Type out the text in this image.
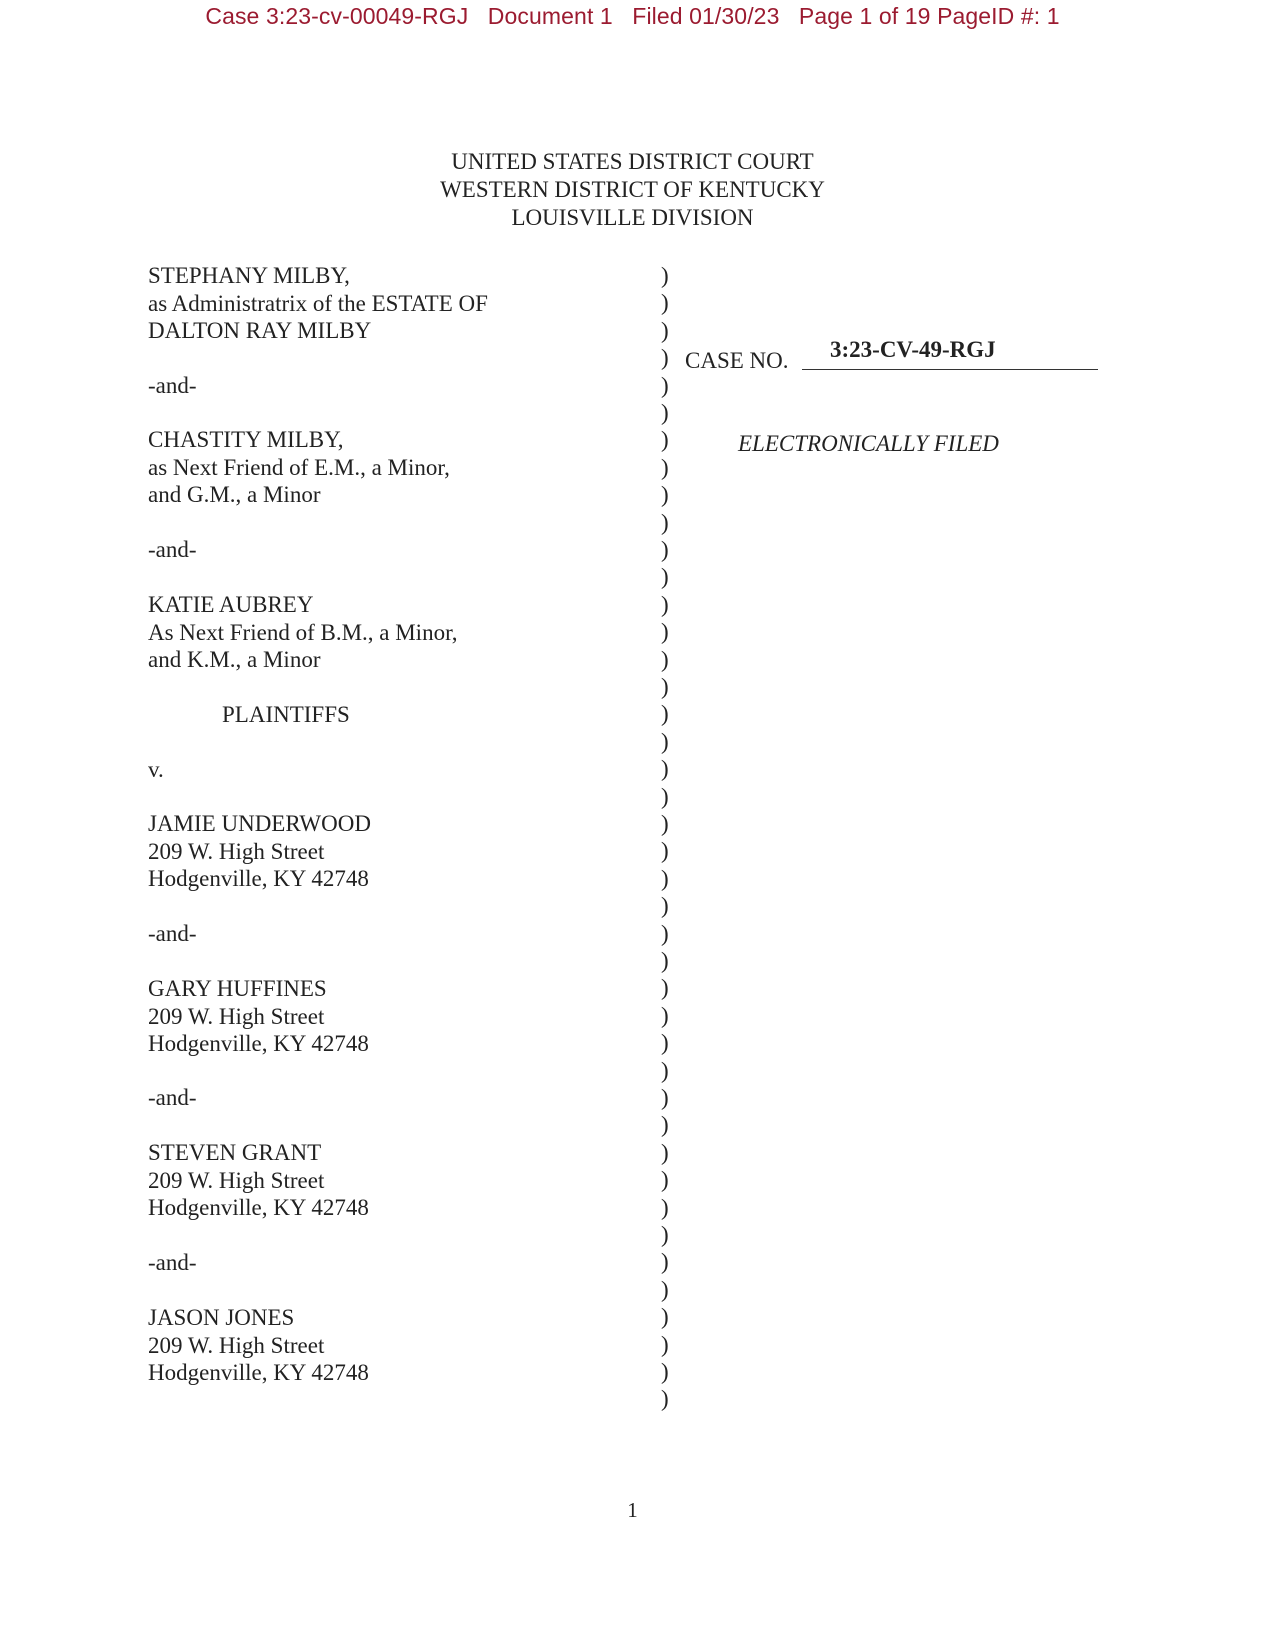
Case 3:23-cv-00049-RGJ   Document 1   Filed 01/30/23   Page 1 of 19 PageID #: 1
UNITED STATES DISTRICT COURT
WESTERN DISTRICT OF KENTUCKY
LOUISVILLE DIVISION
STEPHANY MILBY,
as Administratrix of the ESTATE OF
DALTON RAY MILBY
-and-
CHASTITY MILBY,
as Next Friend of E.M., a Minor,
and G.M., a Minor
-and-
KATIE AUBREY
As Next Friend of B.M., a Minor,
and K.M., a Minor
PLAINTIFFS
v.
JAMIE UNDERWOOD
209 W. High Street
Hodgenville, KY 42748
-and-
GARY HUFFINES
209 W. High Street
Hodgenville, KY 42748
-and-
STEVEN GRANT
209 W. High Street
Hodgenville, KY 42748
-and-
JASON JONES
209 W. High Street
Hodgenville, KY 42748
)
)
)
)
)
)
)
)
)
)
)
)
)
)
)
)
)
)
)
)
)
)
)
)
)
)
)
)
)
)
)
)
)
)
)
)
)
)
)
)
)
)
CASE NO. 3:23-CV-49-RGJ
ELECTRONICALLY FILED
1
